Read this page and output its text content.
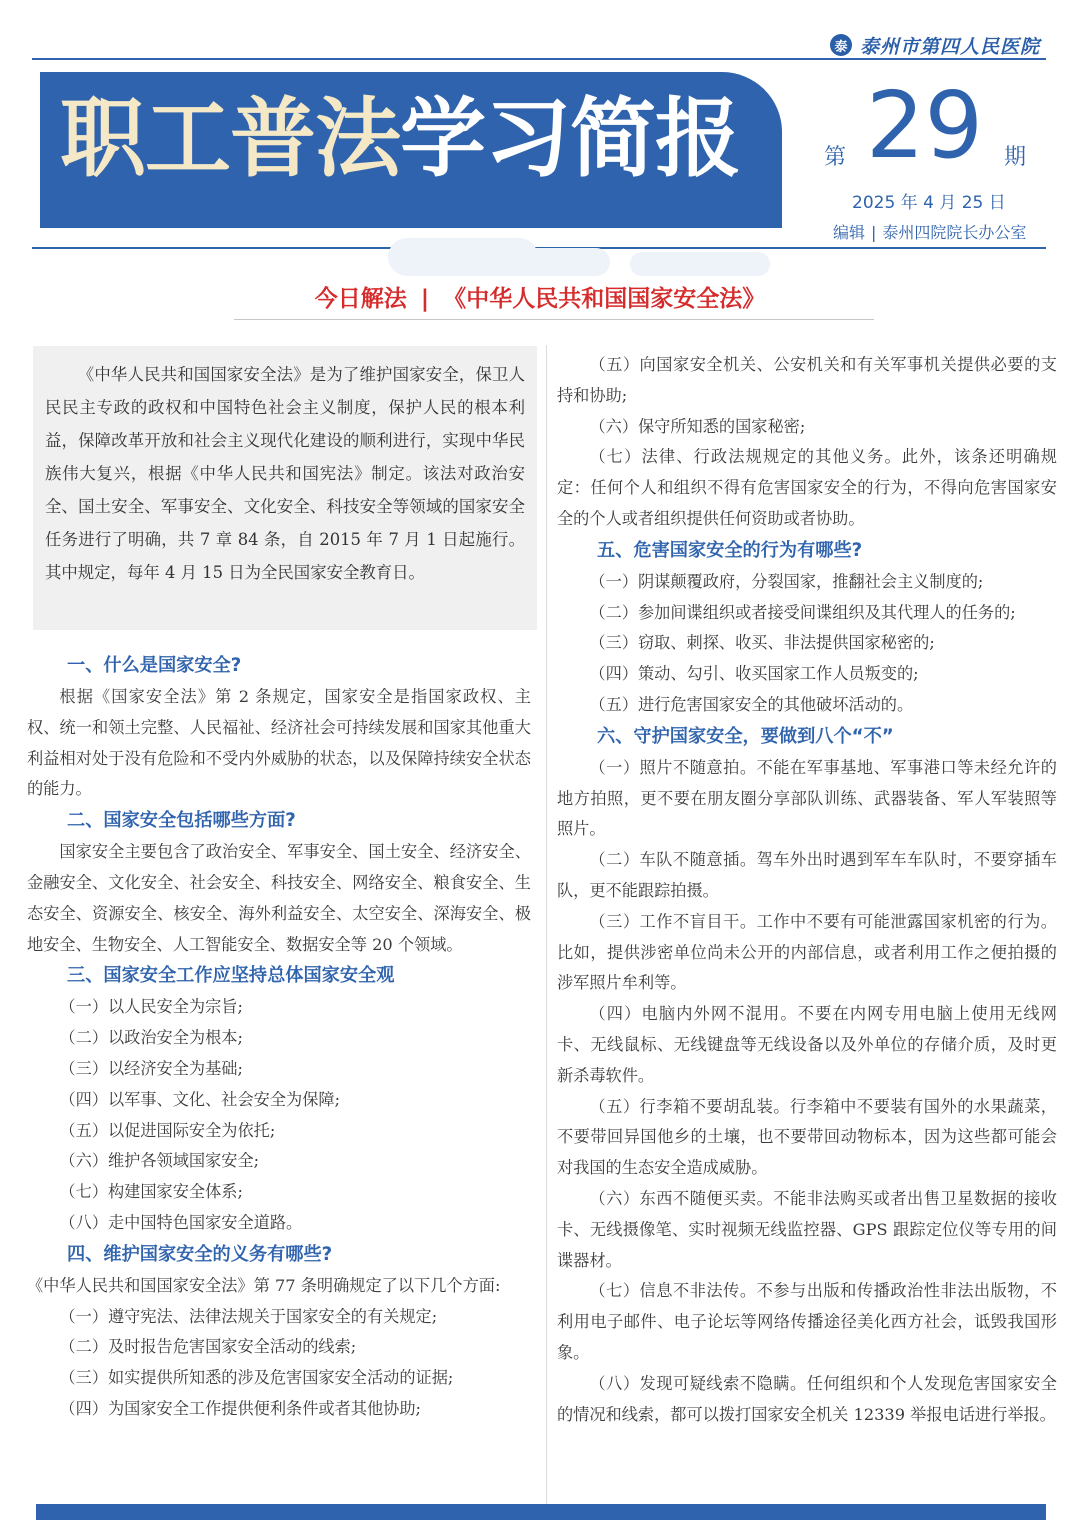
泰 泰州市第四人民医院
职工普法学习简报	第 29 期
2025 年 4 月 25 日
编辑 | 泰州四院院长办公室
今日解法 | 《中华人民共和国国家安全法》

《中华人民共和国国家安全法》是为了维护国家安全，保卫人民民主专政的政权和中国特色社会主义制度，保护人民的根本利益，保障改革开放和社会主义现代化建设的顺利进行，实现中华民族伟大复兴，根据《中华人民共和国宪法》制定。该法对政治安全、国土安全、军事安全、文化安全、科技安全等领域的国家安全任务进行了明确，共 7 章 84 条，自 2015 年 7 月 1 日起施行。其中规定，每年 4 月 15 日为全民国家安全教育日。

一、什么是国家安全?

根据《国家安全法》第 2 条规定，国家安全是指国家政权、主权、统一和领土完整、人民福祉、经济社会可持续发展和国家其他重大利益相对处于没有危险和不受内外威胁的状态，以及保障持续安全状态的能力。

二、国家安全包括哪些方面?

国家安全主要包含了政治安全、军事安全、国土安全、经济安全、金融安全、文化安全、社会安全、科技安全、网络安全、粮食安全、生态安全、资源安全、核安全、海外利益安全、太空安全、深海安全、极地安全、生物安全、人工智能安全、数据安全等 20 个领域。

三、国家安全工作应坚持总体国家安全观

（一）以人民安全为宗旨;

（二）以政治安全为根本;

（三）以经济安全为基础;

（四）以军事、文化、社会安全为保障;

（五）以促进国际安全为依托;

（六）维护各领域国家安全;

（七）构建国家安全体系;

（八）走中国特色国家安全道路。

四、维护国家安全的义务有哪些?

《中华人民共和国国家安全法》第 77 条明确规定了以下几个方面:

（一）遵守宪法、法律法规关于国家安全的有关规定;

（二）及时报告危害国家安全活动的线索;

（三）如实提供所知悉的涉及危害国家安全活动的证据;

（四）为国家安全工作提供便利条件或者其他协助;

（五）向国家安全机关、公安机关和有关军事机关提供必要的支持和协助;

（六）保守所知悉的国家秘密;

（七）法律、行政法规规定的其他义务。此外，该条还明确规定：任何个人和组织不得有危害国家安全的行为，不得向危害国家安全的个人或者组织提供任何资助或者协助。

五、危害国家安全的行为有哪些?

（一）阴谋颠覆政府，分裂国家，推翻社会主义制度的;

（二）参加间谍组织或者接受间谍组织及其代理人的任务的;

（三）窃取、刺探、收买、非法提供国家秘密的;

（四）策动、勾引、收买国家工作人员叛变的;

（五）进行危害国家安全的其他破坏活动的。

六、守护国家安全，要做到八个“不”

（一）照片不随意拍。不能在军事基地、军事港口等未经允许的地方拍照，更不要在朋友圈分享部队训练、武器装备、军人军装照等照片。

（二）车队不随意插。驾车外出时遇到军车车队时，不要穿插车队，更不能跟踪拍摄。

（三）工作不盲目干。工作中不要有可能泄露国家机密的行为。比如，提供涉密单位尚未公开的内部信息，或者利用工作之便拍摄的涉军照片牟利等。

（四）电脑内外网不混用。不要在内网专用电脑上使用无线网卡、无线鼠标、无线键盘等无线设备以及外单位的存储介质，及时更新杀毒软件。

（五）行李箱不要胡乱装。行李箱中不要装有国外的水果蔬菜，不要带回异国他乡的土壤，也不要带回动物标本，因为这些都可能会对我国的生态安全造成威胁。

（六）东西不随便买卖。不能非法购买或者出售卫星数据的接收卡、无线摄像笔、实时视频无线监控器、GPS 跟踪定位仪等专用的间谍器材。

（七）信息不非法传。不参与出版和传播政治性非法出版物，不利用电子邮件、电子论坛等网络传播途径美化西方社会，诋毁我国形象。

（八）发现可疑线索不隐瞒。任何组织和个人发现危害国家安全的情况和线索，都可以拨打国家安全机关 12339 举报电话进行举报。
